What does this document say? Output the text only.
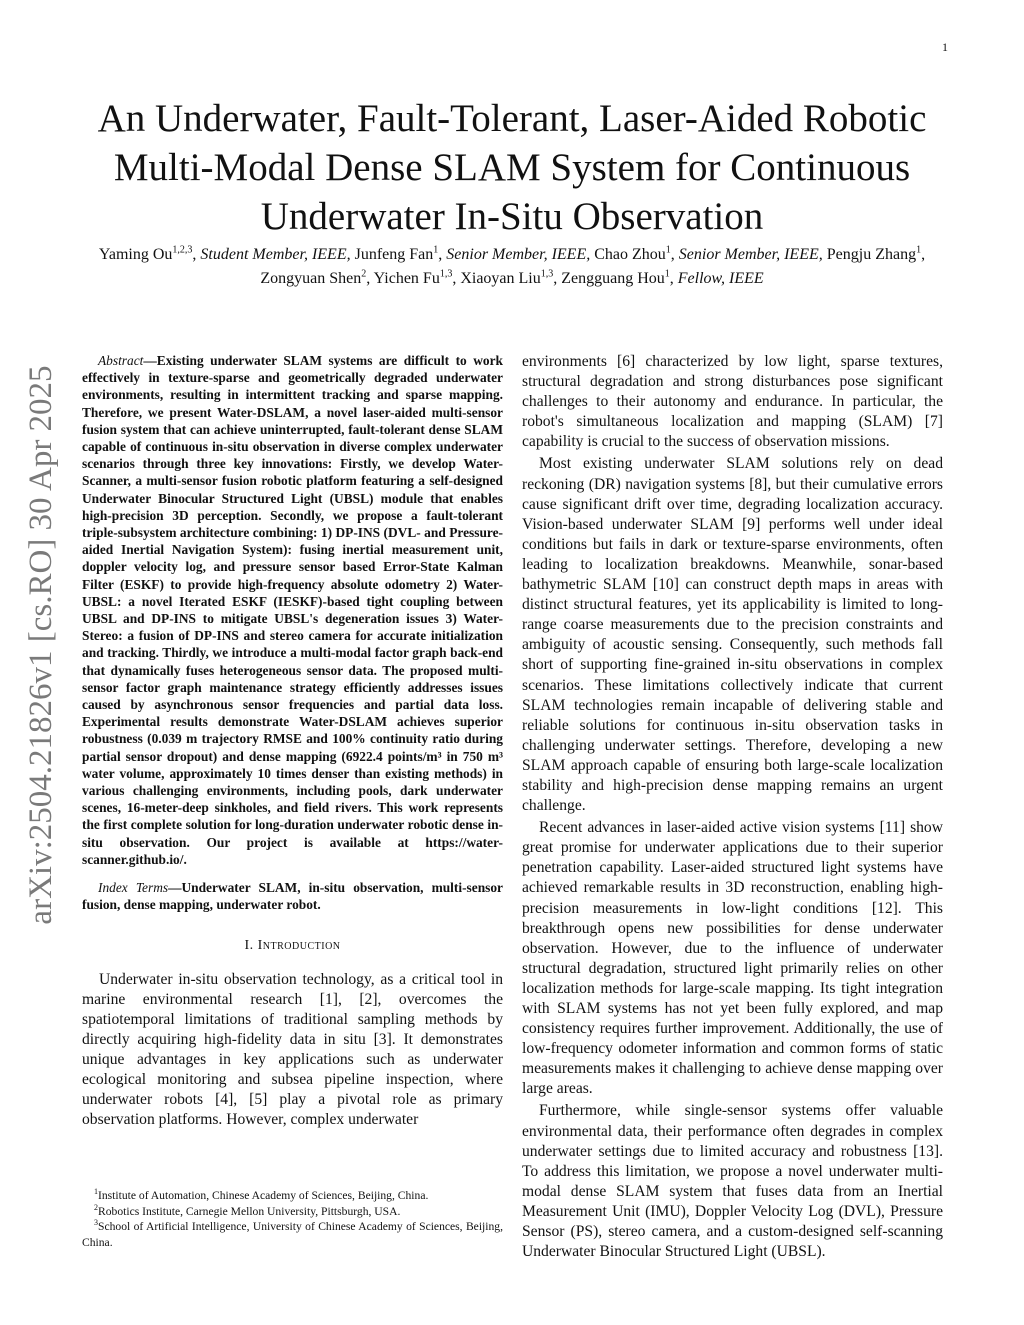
1
An Underwater, Fault-Tolerant, Laser-Aided Robotic Multi-Modal Dense SLAM System for Continuous Underwater In-Situ Observation
Yaming Ou$^{1,2,3}$, Student Member, IEEE, Junfeng Fan$^1$, Senior Member, IEEE, Chao Zhou$^1$, Senior Member, IEEE, Pengju Zhang$^1$, Zongyuan Shen$^2$, Yichen Fu$^{1,3}$, Xiaoyan Liu$^{1,3}$, Zengguang Hou$^1$, Fellow, IEEE
arXiv:2504.21826v1 [cs.RO] 30 Apr 2025
Abstract—Existing underwater SLAM systems are difficult to work effectively in texture-sparse and geometrically degraded underwater environments, resulting in intermittent tracking and sparse mapping. Therefore, we present Water-DSLAM, a novel laser-aided multi-sensor fusion system that can achieve uninterrupted, fault-tolerant dense SLAM capable of continuous in-situ observation in diverse complex underwater scenarios through three key innovations: Firstly, we develop Water-Scanner, a multi-sensor fusion robotic platform featuring a self-designed Underwater Binocular Structured Light (UBSL) module that enables high-precision 3D perception. Secondly, we propose a fault-tolerant triple-subsystem architecture combining: 1) DP-INS (DVL- and Pressure-aided Inertial Navigation System): fusing inertial measurement unit, doppler velocity log, and pressure sensor based Error-State Kalman Filter (ESKF) to provide high-frequency absolute odometry 2) Water-UBSL: a novel Iterated ESKF (IESKF)-based tight coupling between UBSL and DP-INS to mitigate UBSL's degeneration issues 3) Water-Stereo: a fusion of DP-INS and stereo camera for accurate initialization and tracking. Thirdly, we introduce a multi-modal factor graph back-end that dynamically fuses heterogeneous sensor data. The proposed multi-sensor factor graph maintenance strategy efficiently addresses issues caused by asynchronous sensor frequencies and partial data loss. Experimental results demonstrate Water-DSLAM achieves superior robustness (0.039 m trajectory RMSE and 100% continuity ratio during partial sensor dropout) and dense mapping (6922.4 points/m³ in 750 m³ water volume, approximately 10 times denser than existing methods) in various challenging environments, including pools, dark underwater scenes, 16-meter-deep sinkholes, and field rivers. This work represents the first complete solution for long-duration underwater robotic dense in-situ observation. Our project is available at https://water-scanner.github.io/.
Index Terms—Underwater SLAM, in-situ observation, multi-sensor fusion, dense mapping, underwater robot.
I. Introduction

Underwater in-situ observation technology, as a critical tool in marine environmental research [1], [2], overcomes the spatiotemporal limitations of traditional sampling methods by directly acquiring high-fidelity data in situ [3]. It demonstrates unique advantages in key applications such as underwater ecological monitoring and subsea pipeline inspection, where underwater robots [4], [5] play a pivotal role as primary observation platforms. However, complex underwater

$^1$Institute of Automation, Chinese Academy of Sciences, Beijing, China.
$^2$Robotics Institute, Carnegie Mellon University, Pittsburgh, USA.
$^3$School of Artificial Intelligence, University of Chinese Academy of Sciences, Beijing, China.

environments [6] characterized by low light, sparse textures, structural degradation and strong disturbances pose significant challenges to their autonomy and endurance. In particular, the robot's simultaneous localization and mapping (SLAM) [7] capability is crucial to the success of observation missions.

Most existing underwater SLAM solutions rely on dead reckoning (DR) navigation systems [8], but their cumulative errors cause significant drift over time, degrading localization accuracy. Vision-based underwater SLAM [9] performs well under ideal conditions but fails in dark or texture-sparse environments, often leading to localization breakdowns. Meanwhile, sonar-based bathymetric SLAM [10] can construct depth maps in areas with distinct structural features, yet its applicability is limited to long-range coarse measurements due to the precision constraints and ambiguity of acoustic sensing. Consequently, such methods fall short of supporting fine-grained in-situ observations in complex scenarios. These limitations collectively indicate that current SLAM technologies remain incapable of delivering stable and reliable solutions for continuous in-situ observation tasks in challenging underwater settings. Therefore, developing a new SLAM approach capable of ensuring both large-scale localization stability and high-precision dense mapping remains an urgent challenge.

Recent advances in laser-aided active vision systems [11] show great promise for underwater applications due to their superior penetration capability. Laser-aided structured light systems have achieved remarkable results in 3D reconstruction, enabling high-precision measurements in low-light conditions [12]. This breakthrough opens new possibilities for dense underwater observation. However, due to the influence of underwater structural degradation, structured light primarily relies on other localization methods for large-scale mapping. Its tight integration with SLAM systems has not yet been fully explored, and map consistency requires further improvement. Additionally, the use of low-frequency odometer information and common forms of static measurements makes it challenging to achieve dense mapping over large areas.

Furthermore, while single-sensor systems offer valuable environmental data, their performance often degrades in complex underwater settings due to limited accuracy and robustness [13]. To address this limitation, we propose a novel underwater multi-modal dense SLAM system that fuses data from an Inertial Measurement Unit (IMU), Doppler Velocity Log (DVL), Pressure Sensor (PS), stereo camera, and a custom-designed self-scanning Underwater Binocular Structured Light (UBSL).
